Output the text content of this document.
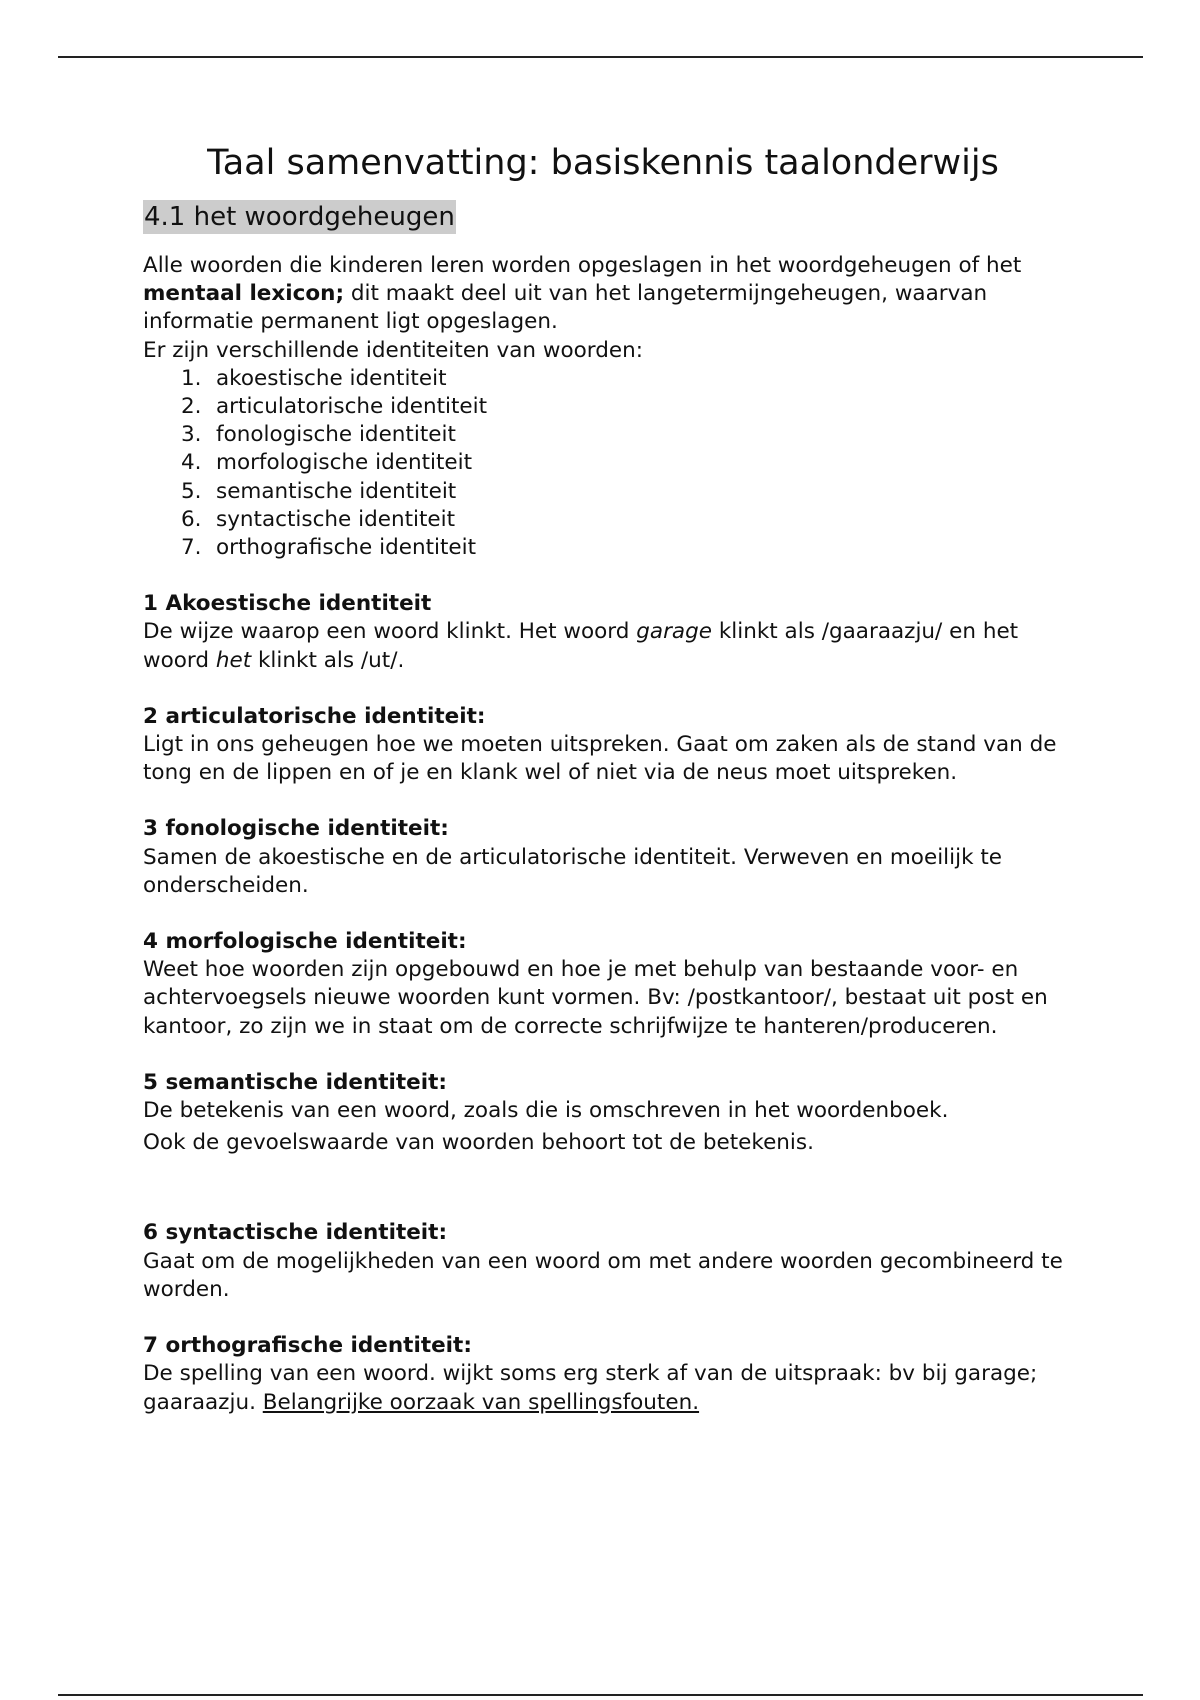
Taal samenvatting: basiskennis taalonderwijs
4.1 het woordgeheugen

Alle woorden die kinderen leren worden opgeslagen in het woordgeheugen of het mentaal lexicon; dit maakt deel uit van het langetermijngeheugen, waarvan informatie permanent ligt opgeslagen.

Er zijn verschillende identiteiten van woorden:

1. akoestische identiteit
2. articulatorische identiteit
3. fonologische identiteit
4. morfologische identiteit
5. semantische identiteit
6. syntactische identiteit
7. orthografische identiteit
1 Akoestische identiteit

De wijze waarop een woord klinkt. Het woord garage klinkt als /gaaraazju/ en het woord het klinkt als /ut/.

2 articulatorische identiteit:

Ligt in ons geheugen hoe we moeten uitspreken. Gaat om zaken als de stand van de tong en de lippen en of je en klank wel of niet via de neus moet uitspreken.

3 fonologische identiteit:

Samen de akoestische en de articulatorische identiteit. Verweven en moeilijk te onderscheiden.

4 morfologische identiteit:

Weet hoe woorden zijn opgebouwd en hoe je met behulp van bestaande voor- en achtervoegsels nieuwe woorden kunt vormen. Bv: /postkantoor/, bestaat uit post en kantoor, zo zijn we in staat om de correcte schrijfwijze te hanteren/produceren.

5 semantische identiteit:

De betekenis van een woord, zoals die is omschreven in het woordenboek.

Ook de gevoelswaarde van woorden behoort tot de betekenis.

6 syntactische identiteit:

Gaat om de mogelijkheden van een woord om met andere woorden gecombineerd te worden.

7 orthografische identiteit:

De spelling van een woord. wijkt soms erg sterk af van de uitspraak: bv bij garage; gaaraazju. Belangrijke oorzaak van spellingsfouten.
